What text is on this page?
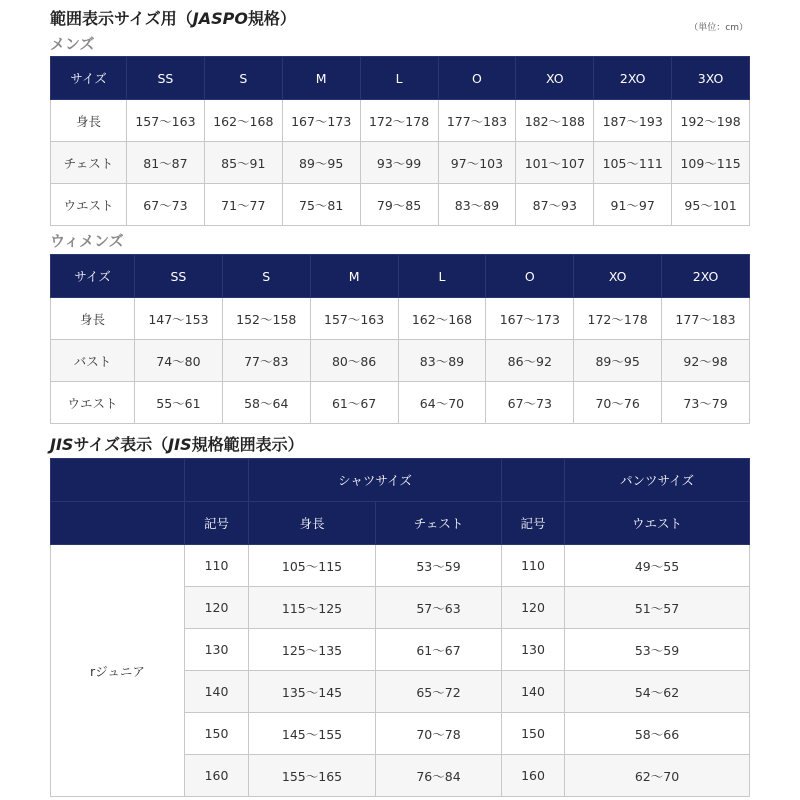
範囲表示サイズ用（JASPO規格）	（単位：cm）
メンズ
サイズ	SS	S	M	L	O	XO	2XO	3XO
身長	157〜163	162〜168	167〜173	172〜178	177〜183	182〜188	187〜193	192〜198
チェスト	81〜87	85〜91	89〜95	93〜99	97〜103	101〜107	105〜111	109〜115
ウエスト	67〜73	71〜77	75〜81	79〜85	83〜89	87〜93	91〜97	95〜101
ウィメンズ
サイズ	SS	S	M	L	O	XO	2XO
身長	147〜153	152〜158	157〜163	162〜168	167〜173	172〜178	177〜183
バスト	74〜80	77〜83	80〜86	83〜89	86〜92	89〜95	92〜98
ウエスト	55〜61	58〜64	61〜67	64〜70	67〜73	70〜76	73〜79
JISサイズ表示（JIS規格範囲表示）
		シャツサイズ			パンツサイズ
	記号	身長	チェスト	記号	ウエスト
rジュニア	110	105〜115	53〜59	110	49〜55
	120	115〜125	57〜63	120	51〜57
	130	125〜135	61〜67	130	53〜59
	140	135〜145	65〜72	140	54〜62
	150	145〜155	70〜78	150	58〜66
	160	155〜165	76〜84	160	62〜70
